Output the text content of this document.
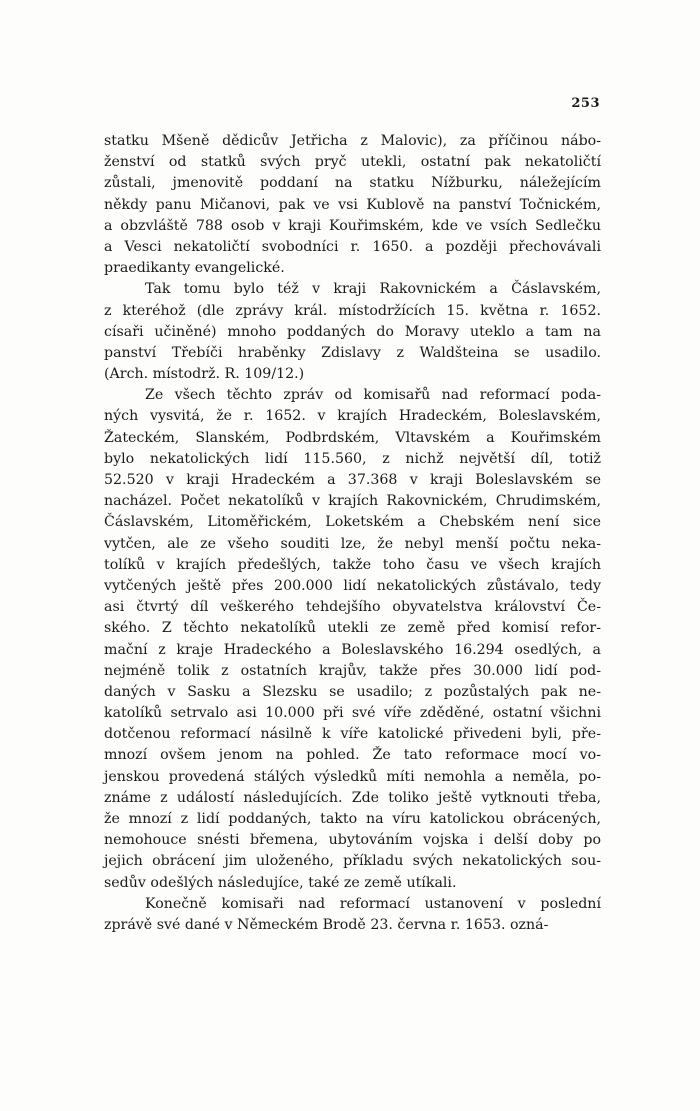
253
statku Mšeně dědicův Jetřicha z Malovic), za příčinou nábo-
ženství od statků svých pryč utekli, ostatní pak nekatoličtí
zůstali, jmenovitě poddaní na statku Nížburku, náležejícím
někdy panu Mičanovi, pak ve vsi Kublově na panství Točnickém,
a obzvláště 788 osob v kraji Kouřimském, kde ve vsích Sedlečku
a Vesci nekatoličtí svobodníci r. 1650. a později přechovávali
praedikanty evangelické.
Tak tomu bylo též v kraji Rakovnickém a Čáslavském,
z kteréhož (dle zprávy král. místodržících 15. května r. 1652.
císaři učiněné) mnoho poddaných do Moravy uteklo a tam na
panství Třebíči hraběnky Zdislavy z Waldšteina se usadilo.
(Arch. místodrž. R. 109/12.)
Ze všech těchto zpráv od komisařů nad reformací poda-
ných vysvitá, že r. 1652. v krajích Hradeckém, Boleslavském,
Žateckém, Slanském, Podbrdském, Vltavském a Kouřimském
bylo nekatolických lidí 115.560, z nichž největší díl, totiž
52.520 v kraji Hradeckém a 37.368 v kraji Boleslavském se
nacházel. Počet nekatolíků v krajích Rakovnickém, Chrudimském,
Čáslavském, Litoměřickém, Loketském a Chebském není sice
vytčen, ale ze všeho souditi lze, že nebyl menší počtu neka-
tolíků v krajích předešlých, takže toho času ve všech krajích
vytčených ještě přes 200.000 lidí nekatolických zůstávalo, tedy
asi čtvrtý díl veškerého tehdejšího obyvatelstva království Če-
ského. Z těchto nekatolíků utekli ze země před komisí refor-
mační z kraje Hradeckého a Boleslavského 16.294 osedlých, a
nejméně tolik z ostatních krajův, takže přes 30.000 lidí pod-
daných v Sasku a Slezsku se usadilo; z pozůstalých pak ne-
katolíků setrvalo asi 10.000 při své víře zděděné, ostatní všichni
dotčenou reformací násilně k víře katolické přivedeni byli, pře-
mnozí ovšem jenom na pohled. Že tato reformace mocí vo-
jenskou provedená stálých výsledků míti nemohla a neměla, po-
známe z událostí následujících. Zde toliko ještě vytknouti třeba,
že mnozí z lidí poddaných, takto na víru katolickou obrácených,
nemohouce snésti břemena, ubytováním vojska i delší doby po
jejich obrácení jim uloženého, příkladu svých nekatolických sou-
sedův odešlých následujíce, také ze země utíkali.
Konečně komisaři nad reformací ustanovení v poslední
zprávě své dané v Německém Brodě 23. června r. 1653. ozná-
